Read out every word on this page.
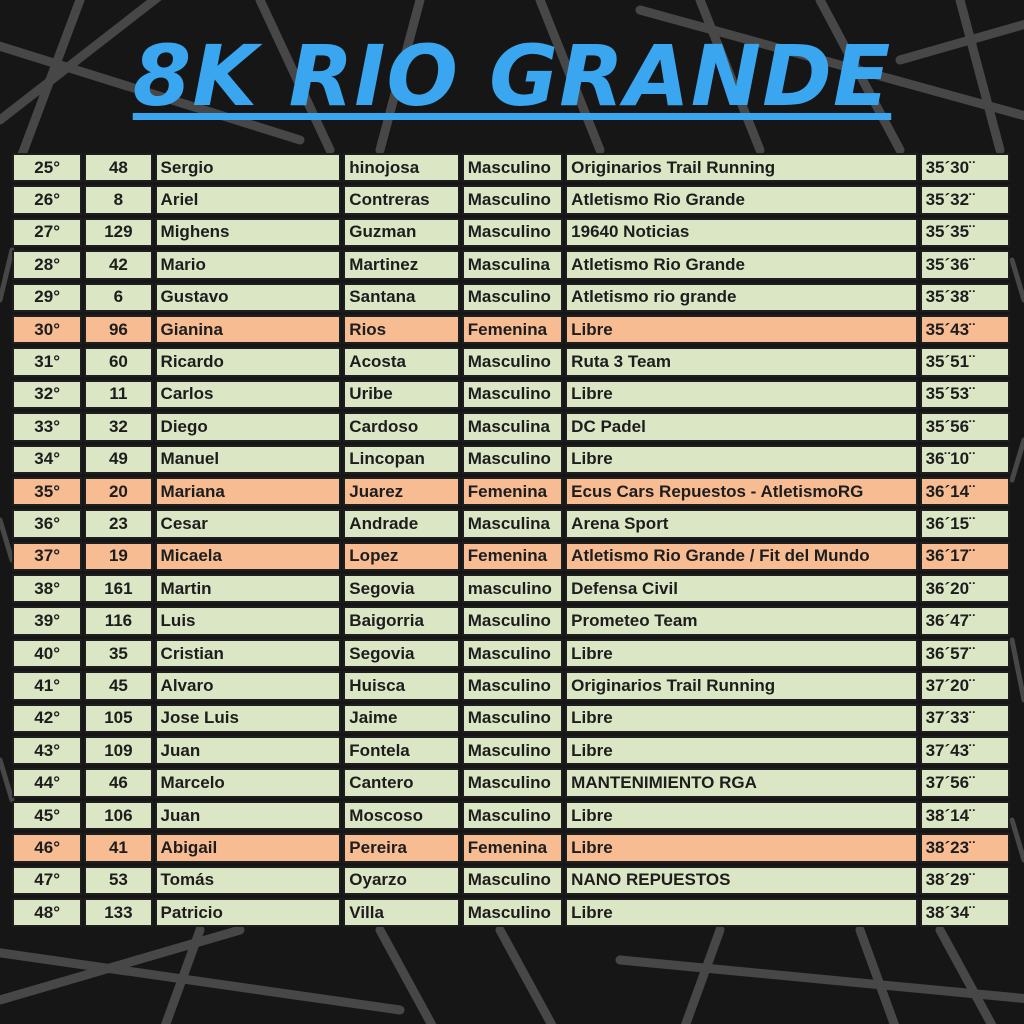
8K RIO GRANDE
25°	48	Sergio	hinojosa	Masculino	Originarios Trail Running	35´30¨
26°	8	Ariel	Contreras	Masculino	Atletismo Rio Grande	35´32¨
27°	129	Mighens	Guzman	Masculino	19640 Noticias	35´35¨
28°	42	Mario	Martinez	Masculina	Atletismo Rio Grande	35´36¨
29°	6	Gustavo	Santana	Masculino	Atletismo rio grande	35´38¨
30°	96	Gianina	Rios	Femenina	Libre	35´43¨
31°	60	Ricardo	Acosta	Masculino	Ruta 3 Team	35´51¨
32°	11	Carlos	Uribe	Masculino	Libre	35´53¨
33°	32	Diego	Cardoso	Masculina	DC Padel	35´56¨
34°	49	Manuel	Lincopan	Masculino	Libre	36¨10¨
35°	20	Mariana	Juarez	Femenina	Ecus Cars Repuestos - AtletismoRG	36´14¨
36°	23	Cesar	Andrade	Masculina	Arena Sport	36´15¨
37°	19	Micaela	Lopez	Femenina	Atletismo Rio Grande / Fit del Mundo	36´17¨
38°	161	Martin	Segovia	masculino	Defensa Civil	36´20¨
39°	116	Luis	Baigorria	Masculino	Prometeo Team	36´47¨
40°	35	Cristian	Segovia	Masculino	Libre	36´57¨
41°	45	Alvaro	Huisca	Masculino	Originarios Trail Running	37´20¨
42°	105	Jose Luis	Jaime	Masculino	Libre	37´33¨
43°	109	Juan	Fontela	Masculino	Libre	37´43¨
44°	46	Marcelo	Cantero	Masculino	MANTENIMIENTO RGA	37´56¨
45°	106	Juan	Moscoso	Masculino	Libre	38´14¨
46°	41	Abigail	Pereira	Femenina	Libre	38´23¨
47°	53	Tomás	Oyarzo	Masculino	NANO REPUESTOS	38´29¨
48°	133	Patricio	Villa	Masculino	Libre	38´34¨
